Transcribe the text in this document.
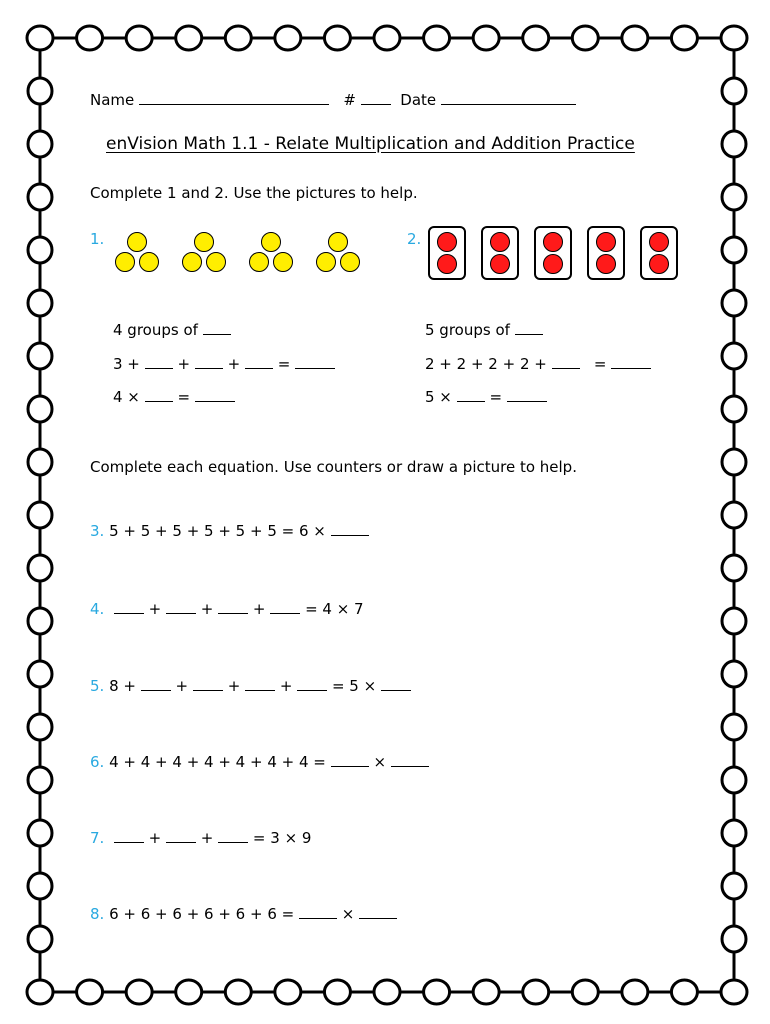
Name	#	Date
enVision Math 1.1 - Relate Multiplication and Addition Practice
Complete 1 and 2. Use the pictures to help.
1.
4 groups of
3 +	+	+	=
4 ×	=
2.
5 groups of
2 + 2 + 2 + 2 +	=
5 ×	=
Complete each equation. Use counters or draw a picture to help.
3. 5 + 5 + 5 + 5 + 5 + 5 = 6 ×
4.	+	+	+	= 4 × 7
5. 8 +	+	+	+	= 5 ×
6. 4 + 4 + 4 + 4 + 4 + 4 + 4 =	×
7.	+	+	= 3 × 9
8. 6 + 6 + 6 + 6 + 6 + 6 =	×
